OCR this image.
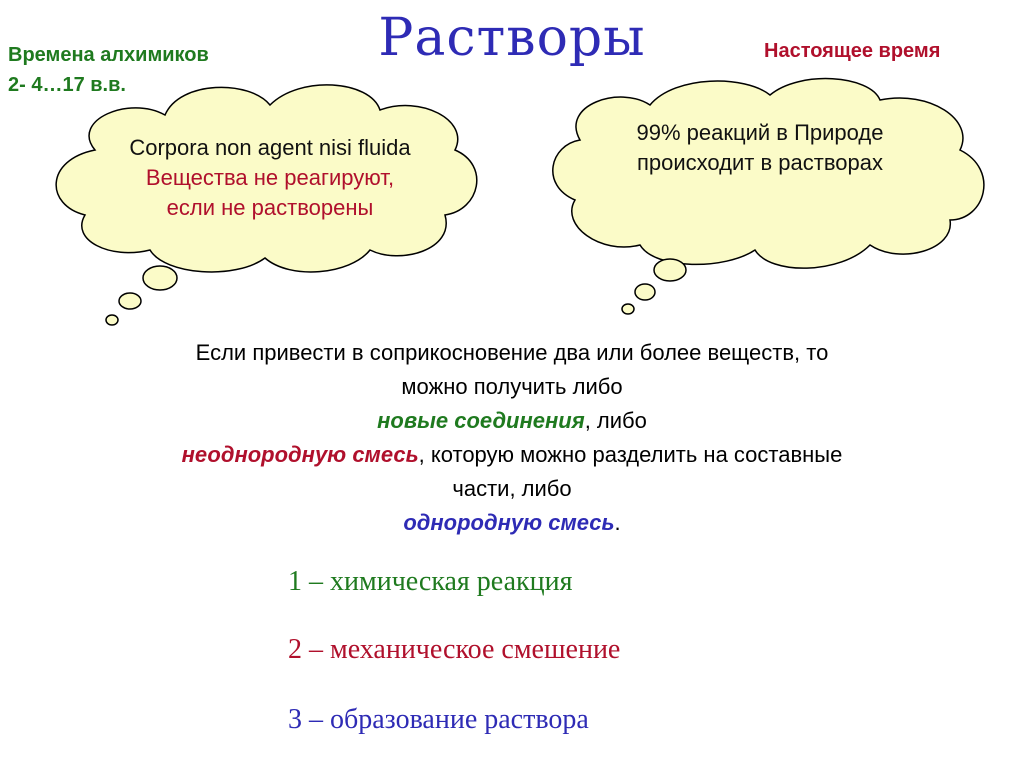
Растворы
Времена алхимиков
2- 4…17 в.в.
Настоящее время
Corpora non agent nisi fluida
Вещества не реагируют,
если не растворены
99% реакций в Природе
происходит в растворах
Если привести в соприкосновение два или более веществ, то
можно получить либо
новые соединения, либо
неоднородную смесь, которую можно разделить на составные
части, либо
однородную смесь.
1 – химическая реакция
2 – механическое смешение
3 – образование раствора
